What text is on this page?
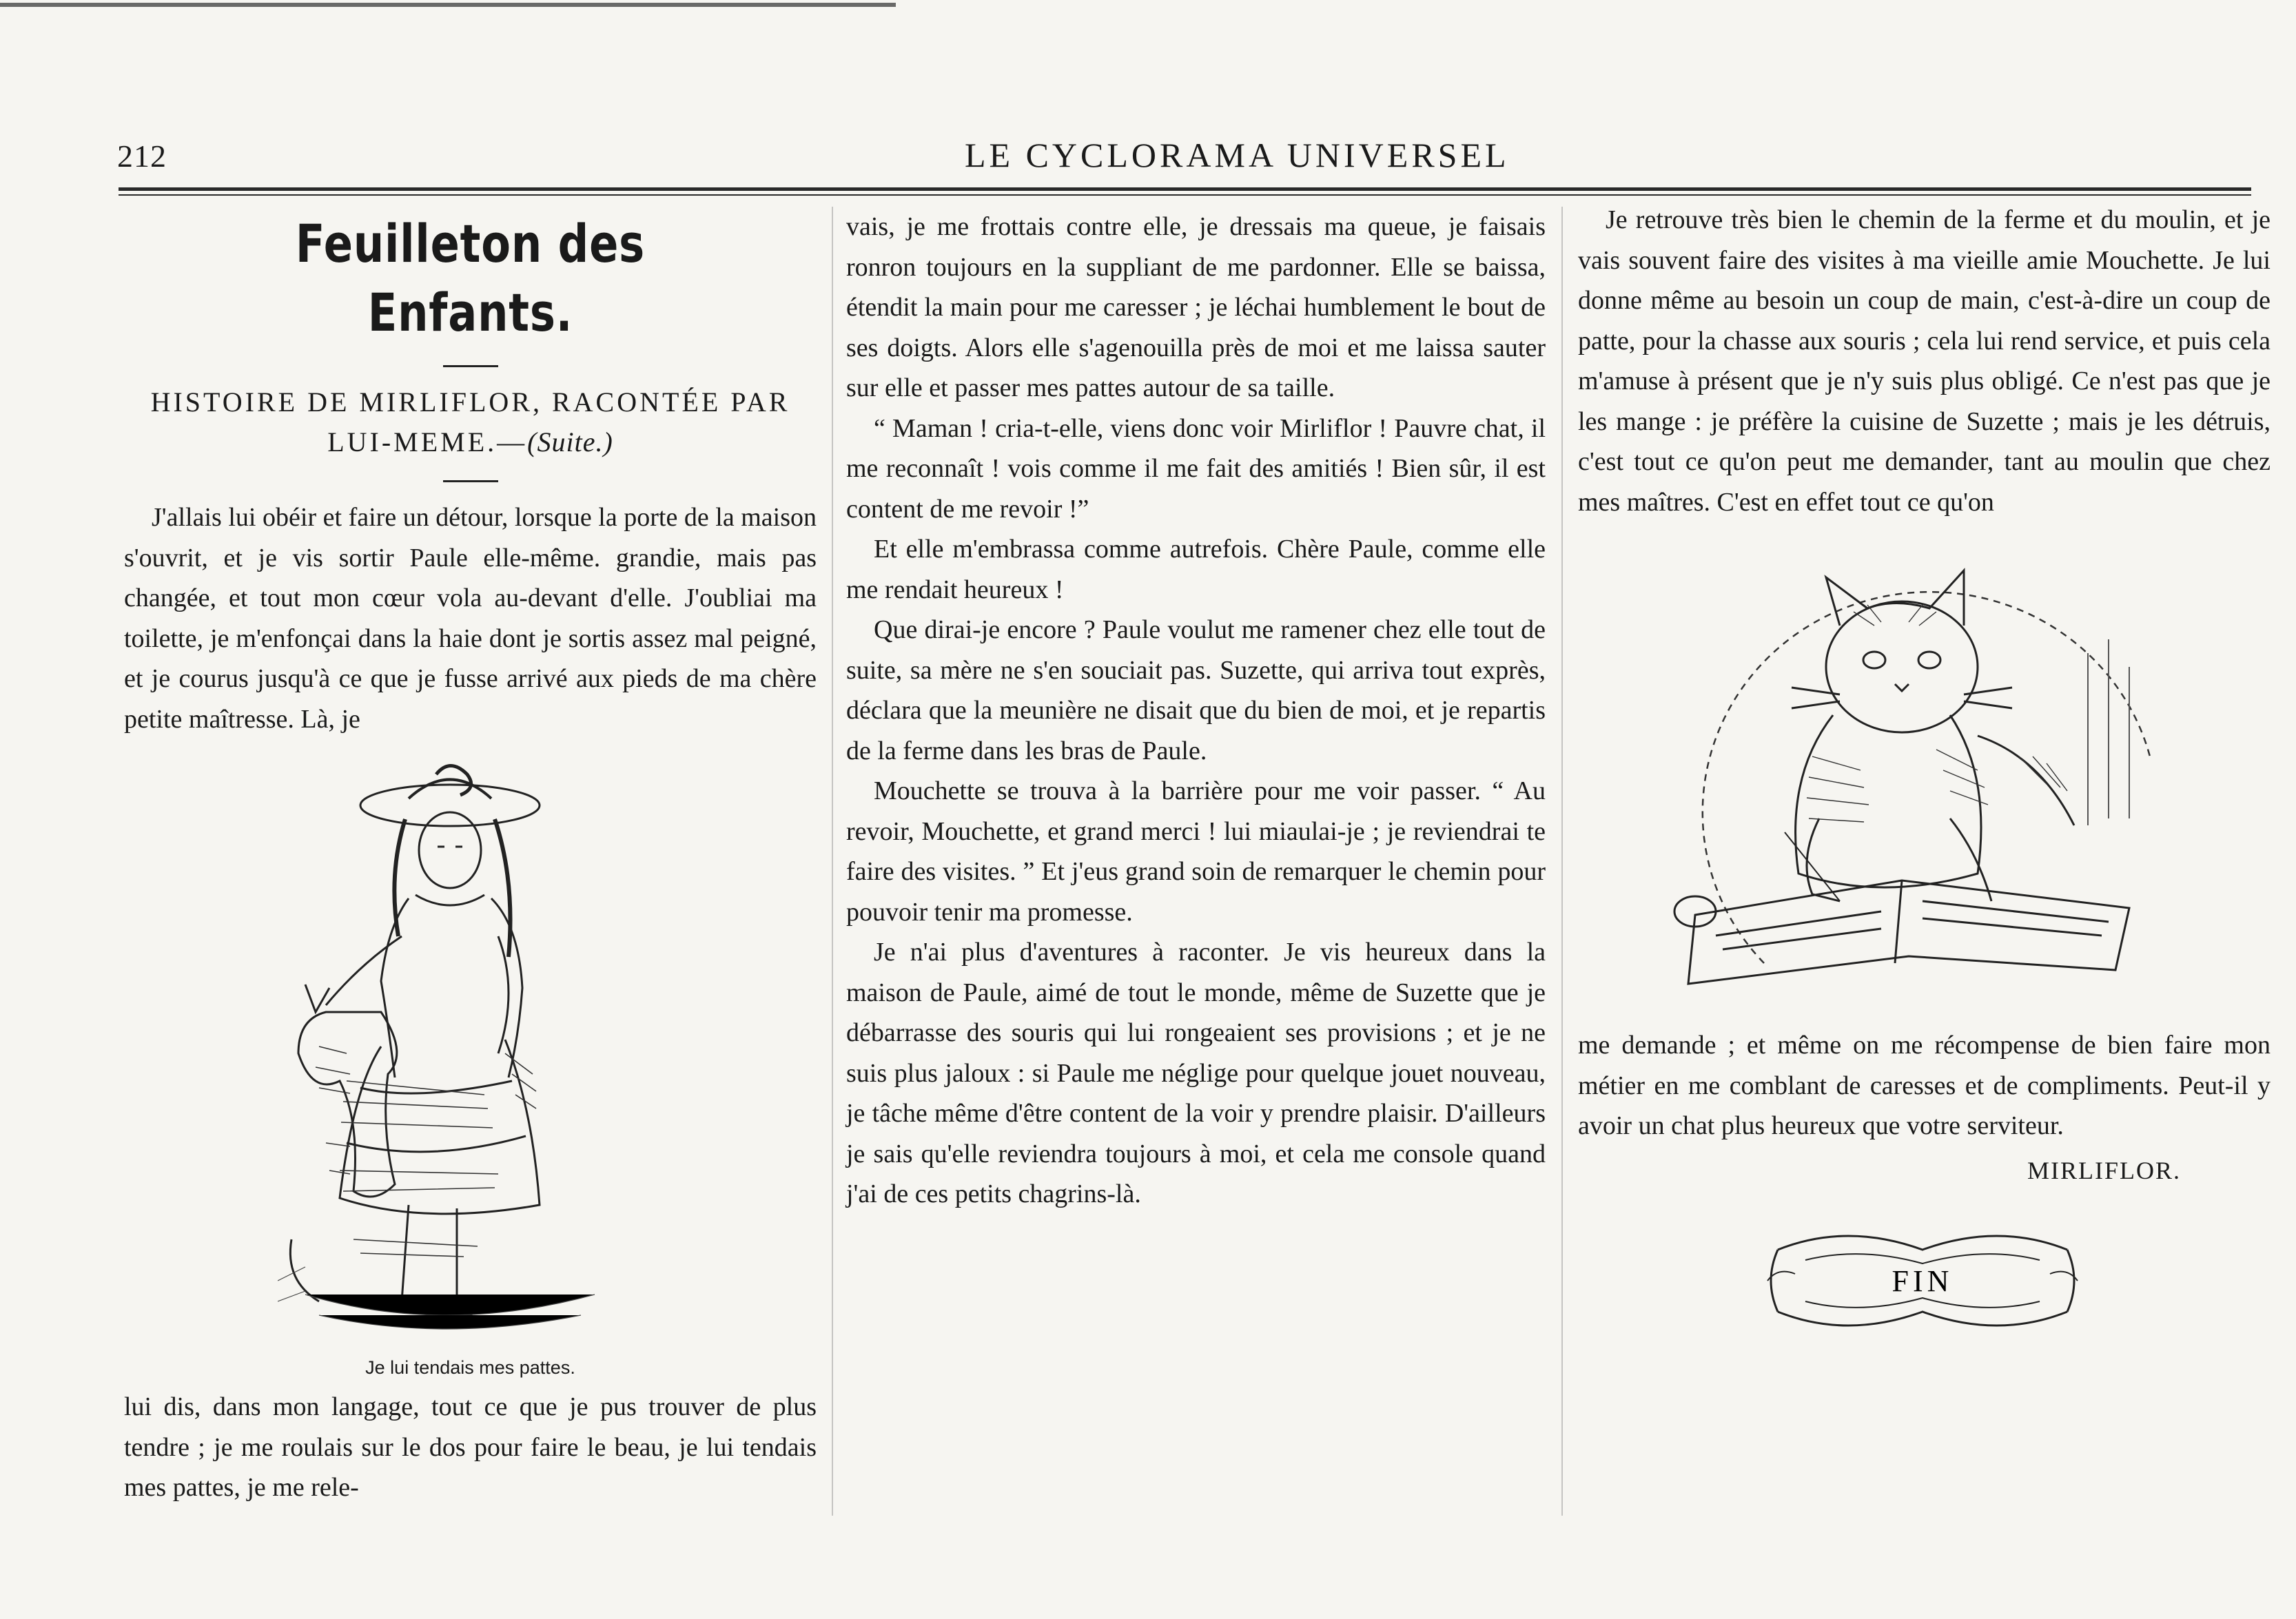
212	LE CYCLORAMA UNIVERSEL
Feuilleton des Enfants.
HISTOIRE DE MIRLIFLOR, RACONTÉE PAR LUI-MEME.—(Suite.)

J'allais lui obéir et faire un détour, lorsque la porte de la maison s'ouvrit, et je vis sortir Paule elle-même. grandie, mais pas changée, et tout mon cœur vola au-devant d'elle. J'oubliai ma toilette, je m'enfonçai dans la haie dont je sortis assez mal peigné, et je courus jusqu'à ce que je fusse arrivé aux pieds de ma chère petite maîtresse. Là, je

Je lui tendais mes pattes.

lui dis, dans mon langage, tout ce que je pus trouver de plus tendre ; je me roulais sur le dos pour faire le beau, je lui tendais mes pattes, je me rele-

vais, je me frottais contre elle, je dressais ma queue, je faisais ronron toujours en la suppliant de me pardonner. Elle se baissa, étendit la main pour me caresser ; je léchai humblement le bout de ses doigts. Alors elle s'agenouilla près de moi et me laissa sauter sur elle et passer mes pattes autour de sa taille.

“ Maman ! cria-t-elle, viens donc voir Mirliflor ! Pauvre chat, il me reconnaît ! vois comme il me fait des amitiés ! Bien sûr, il est content de me revoir !”

Et elle m'embrassa comme autrefois. Chère Paule, comme elle me rendait heureux !

Que dirai-je encore ? Paule voulut me ramener chez elle tout de suite, sa mère ne s'en souciait pas. Suzette, qui arriva tout exprès, déclara que la meunière ne disait que du bien de moi, et je repartis de la ferme dans les bras de Paule.

Mouchette se trouva à la barrière pour me voir passer. “ Au revoir, Mouchette, et grand merci ! lui miaulai-je ; je reviendrai te faire des visites. ” Et j'eus grand soin de remarquer le chemin pour pouvoir tenir ma promesse.

Je n'ai plus d'aventures à raconter. Je vis heureux dans la maison de Paule, aimé de tout le monde, même de Suzette que je débarrasse des souris qui lui rongeaient ses provisions ; et je ne suis plus jaloux : si Paule me néglige pour quelque jouet nouveau, je tâche même d'être content de la voir y prendre plaisir. D'ailleurs je sais qu'elle reviendra toujours à moi, et cela me console quand j'ai de ces petits chagrins-là.

Je retrouve très bien le chemin de la ferme et du moulin, et je vais souvent faire des visites à ma vieille amie Mouchette. Je lui donne même au besoin un coup de main, c'est-à-dire un coup de patte, pour la chasse aux souris ; cela lui rend service, et puis cela m'amuse à présent que je n'y suis plus obligé. Ce n'est pas que je les mange : je préfère la cuisine de Suzette ; mais je les détruis, c'est tout ce qu'on peut me demander, tant au moulin que chez mes maîtres. C'est en effet tout ce qu'on

me demande ; et même on me récompense de bien faire mon métier en me comblant de caresses et de compliments. Peut-il y avoir un chat plus heureux que votre serviteur.

MIRLIFLOR.
FIN
